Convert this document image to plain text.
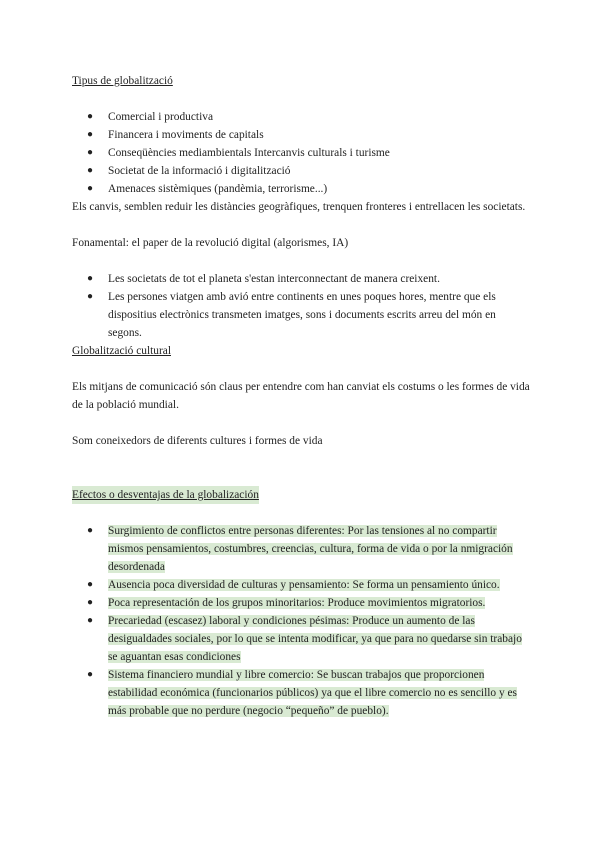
Tipus de globalització

● Comercial i productiva
● Financera i moviments de capitals
● Conseqüències mediambientals Intercanvis culturals i turisme
● Societat de la informació i digitalització
● Amenaces sistèmiques (pandèmia, terrorisme...)

Els canvis, semblen reduir les distàncies geogràfiques, trenquen fronteres i entrellacen les societats.

Fonamental: el paper de la revolució digital (algorismes, IA)

● Les societats de tot el planeta s'estan interconnectant de manera creixent.
● Les persones viatgen amb avió entre continents en unes poques hores, mentre que els dispositius electrònics transmeten imatges, sons i documents escrits arreu del món en segons.

Globalització cultural

Els mitjans de comunicació són claus per entendre com han canviat els costums o les formes de vida de la població mundial.

Som coneixedors de diferents cultures i formes de vida

Efectos o desventajas de la globalización

● Surgimiento de conflictos entre personas diferentes: Por las tensiones al no compartir mismos pensamientos, costumbres, creencias, cultura, forma de vida o por la nmigración desordenada
● Ausencia poca diversidad de culturas y pensamiento: Se forma un pensamiento único.
● Poca representación de los grupos minoritarios: Produce movimientos migratorios.
● Precariedad (escasez) laboral y condiciones pésimas: Produce un aumento de las desigualdades sociales, por lo que se intenta modificar, ya que para no quedarse sin trabajo se aguantan esas condiciones
● Sistema financiero mundial y libre comercio: Se buscan trabajos que proporcionen estabilidad económica (funcionarios públicos) ya que el libre comercio no es sencillo y es más probable que no perdure (negocio “pequeño” de pueblo).
